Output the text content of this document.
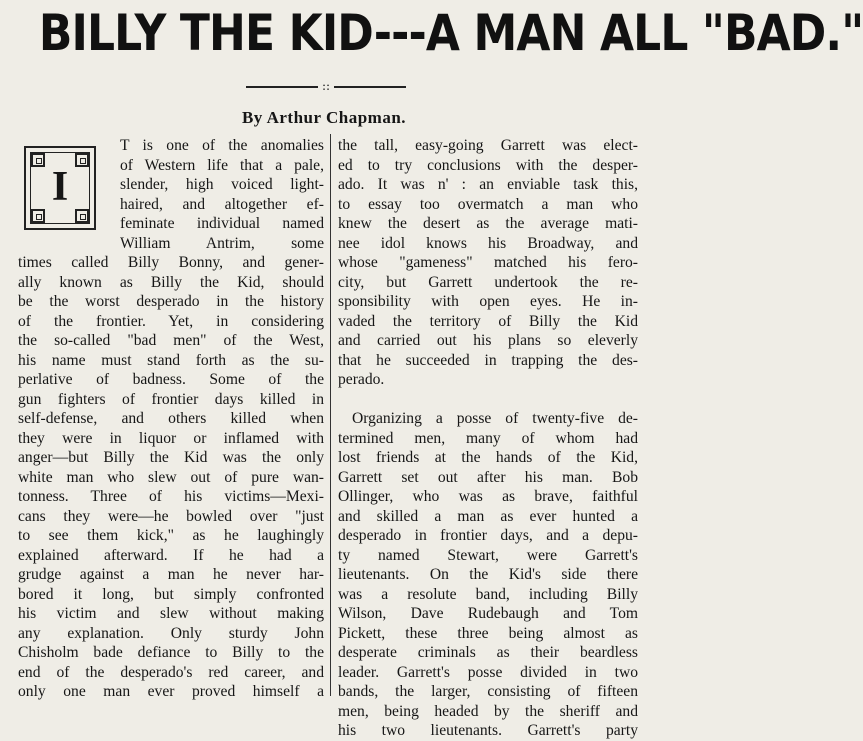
BILLY THE KID---A MAN ALL "BAD."
::
By Arthur Chapman.
I
T is one of the anomalies
of Western life that a pale,
slender, high voiced light-
haired, and altogether ef-
feminate individual named
William Antrim, some
times called Billy Bonny, and gener-
ally known as Billy the Kid, should
be the worst desperado in the history
of the frontier. Yet, in considering
the so-called "bad men" of the West,
his name must stand forth as the su-
perlative of badness. Some of the
gun fighters of frontier days killed in
self-defense, and others killed when
they were in liquor or inflamed with
anger—but Billy the Kid was the only
white man who slew out of pure wan-
tonness. Three of his victims—Mexi-
cans they were—he bowled over "just
to see them kick," as he laughingly
explained afterward. If he had a
grudge against a man he never har-
bored it long, but simply confronted
his victim and slew without making
any explanation. Only sturdy John
Chisholm bade defiance to Billy to the
end of the desperado's red career, and
only one man ever proved himself a
the tall, easy-going Garrett was elect-
ed to try conclusions with the desper-
ado. It was n' : an enviable task this,
to essay too overmatch a man who
knew the desert as the average mati-
nee idol knows his Broadway, and
whose "gameness" matched his fero-
city, but Garrett undertook the re-
sponsibility with open eyes. He in-
vaded the territory of Billy the Kid
and carried out his plans so eleverly
that he succeeded in trapping the des-
perado.

Organizing a posse of twenty-five de-
termined men, many of whom had
lost friends at the hands of the Kid,
Garrett set out after his man. Bob
Ollinger, who was as brave, faithful
and skilled a man as ever hunted a
desperado in frontier days, and a depu-
ty named Stewart, were Garrett's
lieutenants. On the Kid's side there
was a resolute band, including Billy
Wilson, Dave Rudebaugh and Tom
Pickett, these three being almost as
desperate criminals as their beardless
leader. Garrett's posse divided in two
bands, the larger, consisting of fifteen
men, being headed by the sheriff and
his two lieutenants. Garrett's party
